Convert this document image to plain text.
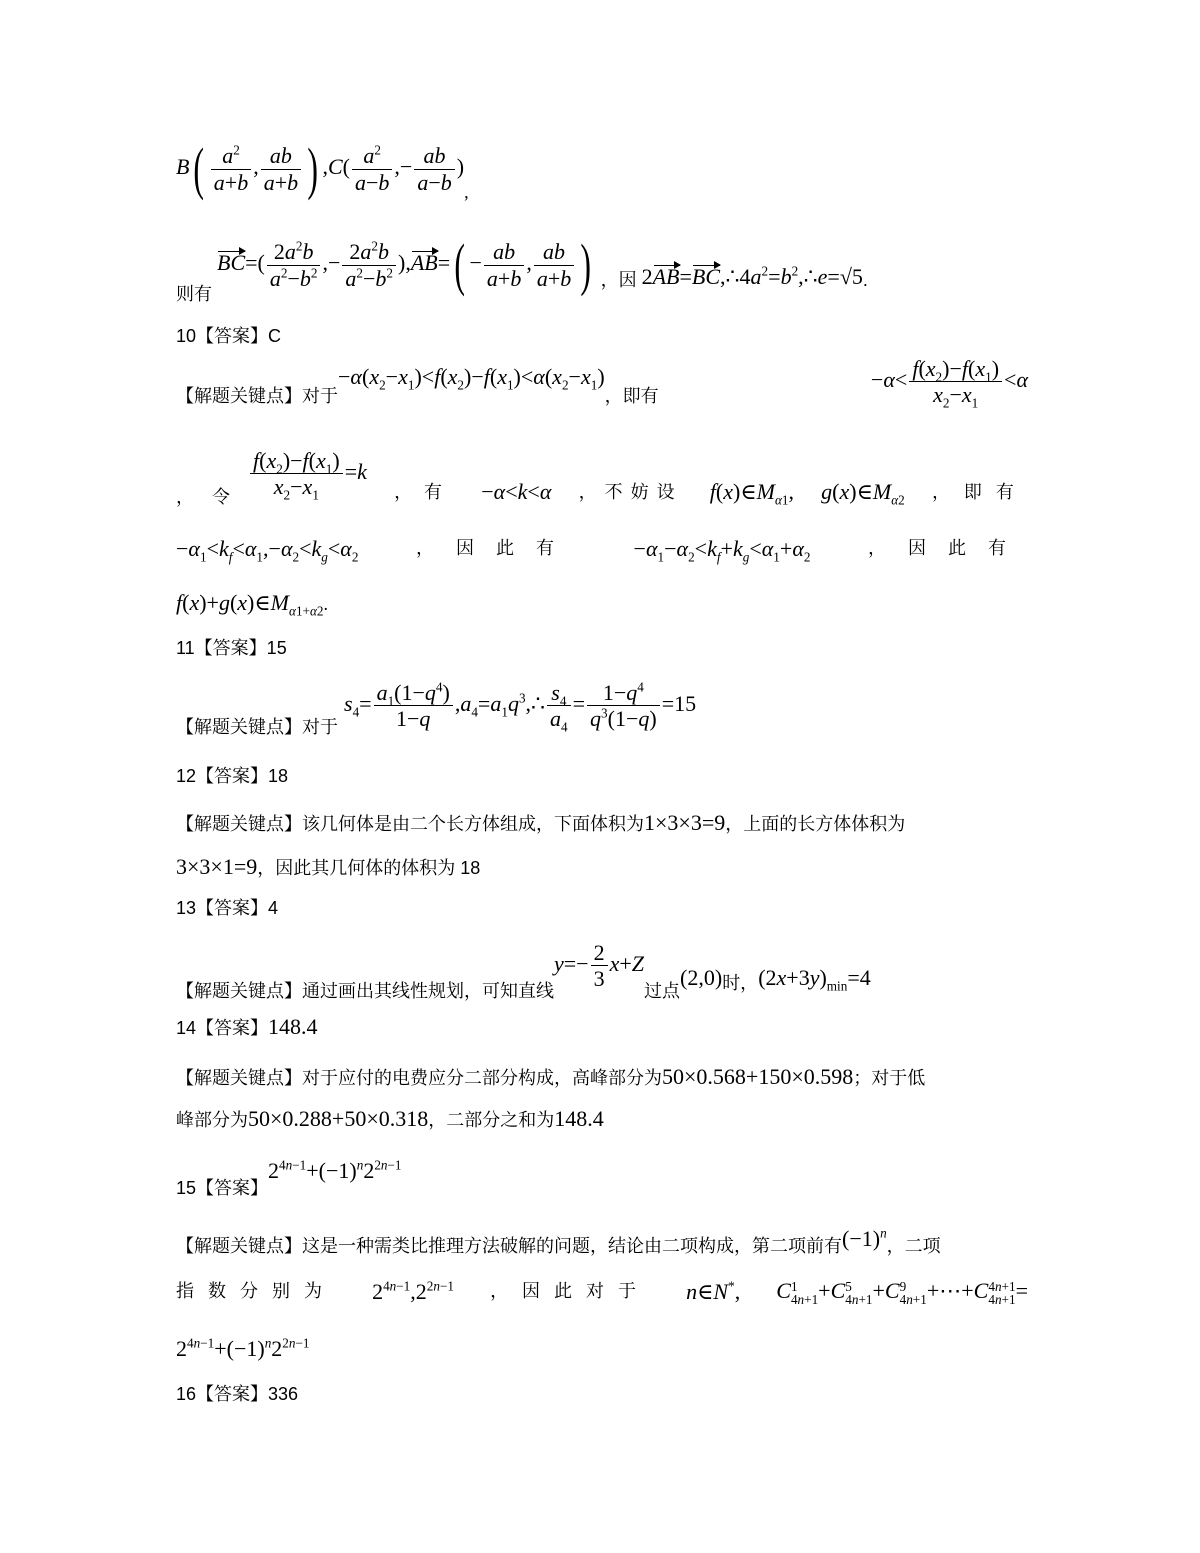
$B( \frac{a^2}{a+b}$ , $\frac{ab}{a+b}$ ) $,C( \frac{a^2}{a-b}$ ,− $\frac{ab}{a-b} )_,$
则有 $BC=( \frac{2a^2b}{a^2-b^2}$ ,− $\frac{2a^2b}{a^2-b^2} ),AB=( - \frac{ab}{a+b}$ , $\frac{ab}{a+b}$ ) ，因 $2AB=BC,\therefore 4a^2=b^2,\therefore e=√5$.
10【答案】C
【解题关键点】对于$-\alpha(x_2-x_1)<f(x_2)-f(x_1)<\alpha(x_2-x_1)$，即有
$-\alpha< \frac{f(x_2)-f(x_1)}{x_2-x_1} <\alpha$
，令 $\frac{f(x_2)-f(x_1)}{x_2-x_1} =k$
，有 −α<k<α ，不妨设 $f(x)\in M_{\alpha 1}$, $g(x)\in M_{\alpha 2}$ ，即有
$-\alpha_1<k_f<\alpha_1,-\alpha_2<k_g<\alpha_2$	，因此有	$-\alpha_1-\alpha_2<k_f+k_g<\alpha_1+\alpha_2$	，因此有
$f(x)+g(x)\in M_{\alpha 1+\alpha 2}$.
11【答案】15
【解题关键点】对于$s_4= \frac{a_1(1-q^4)}{1-q}$ $,a_4=a_1q^3,\therefore \frac{s_4}{a_4} = \frac{1-q^4}{q^3(1-q)} =15$
12【答案】18
【解题关键点】该几何体是由二个长方体组成，下面体积为1×3×3=9，上面的长方体体积为
3×3×1=9，因此其几何体的体积为 18
13【答案】4
【解题关键点】通过画出其线性规划，可知直线$y=- \frac{2}{3} x+Z$过点(2,0)时，$(2x+3y)_{min}=4$
14【答案】148.4
【解题关键点】对于应付的电费应分二部分构成，高峰部分为50×0.568+150×0.598；对于低
峰部分为50×0.288+50×0.318，二部分之和为148.4
15【答案】$2^{4n-1}+(-1)^n2^{2n-1}$
【解题关键点】这是一种需类比推理方法破解的问题，结论由二项构成，第二项前有$(-1)^n$，二项
指数分别为 $2^{4n-1},2^{2n-1}$ ，因此对于 n∈N*, C 1
4n+1 +C 5
4n+1 +C 9
4n+1 +⋯+C 4n+1
4n+1 =
$2^{4n-1}+(-1)^n2^{2n-1}$
16【答案】336
